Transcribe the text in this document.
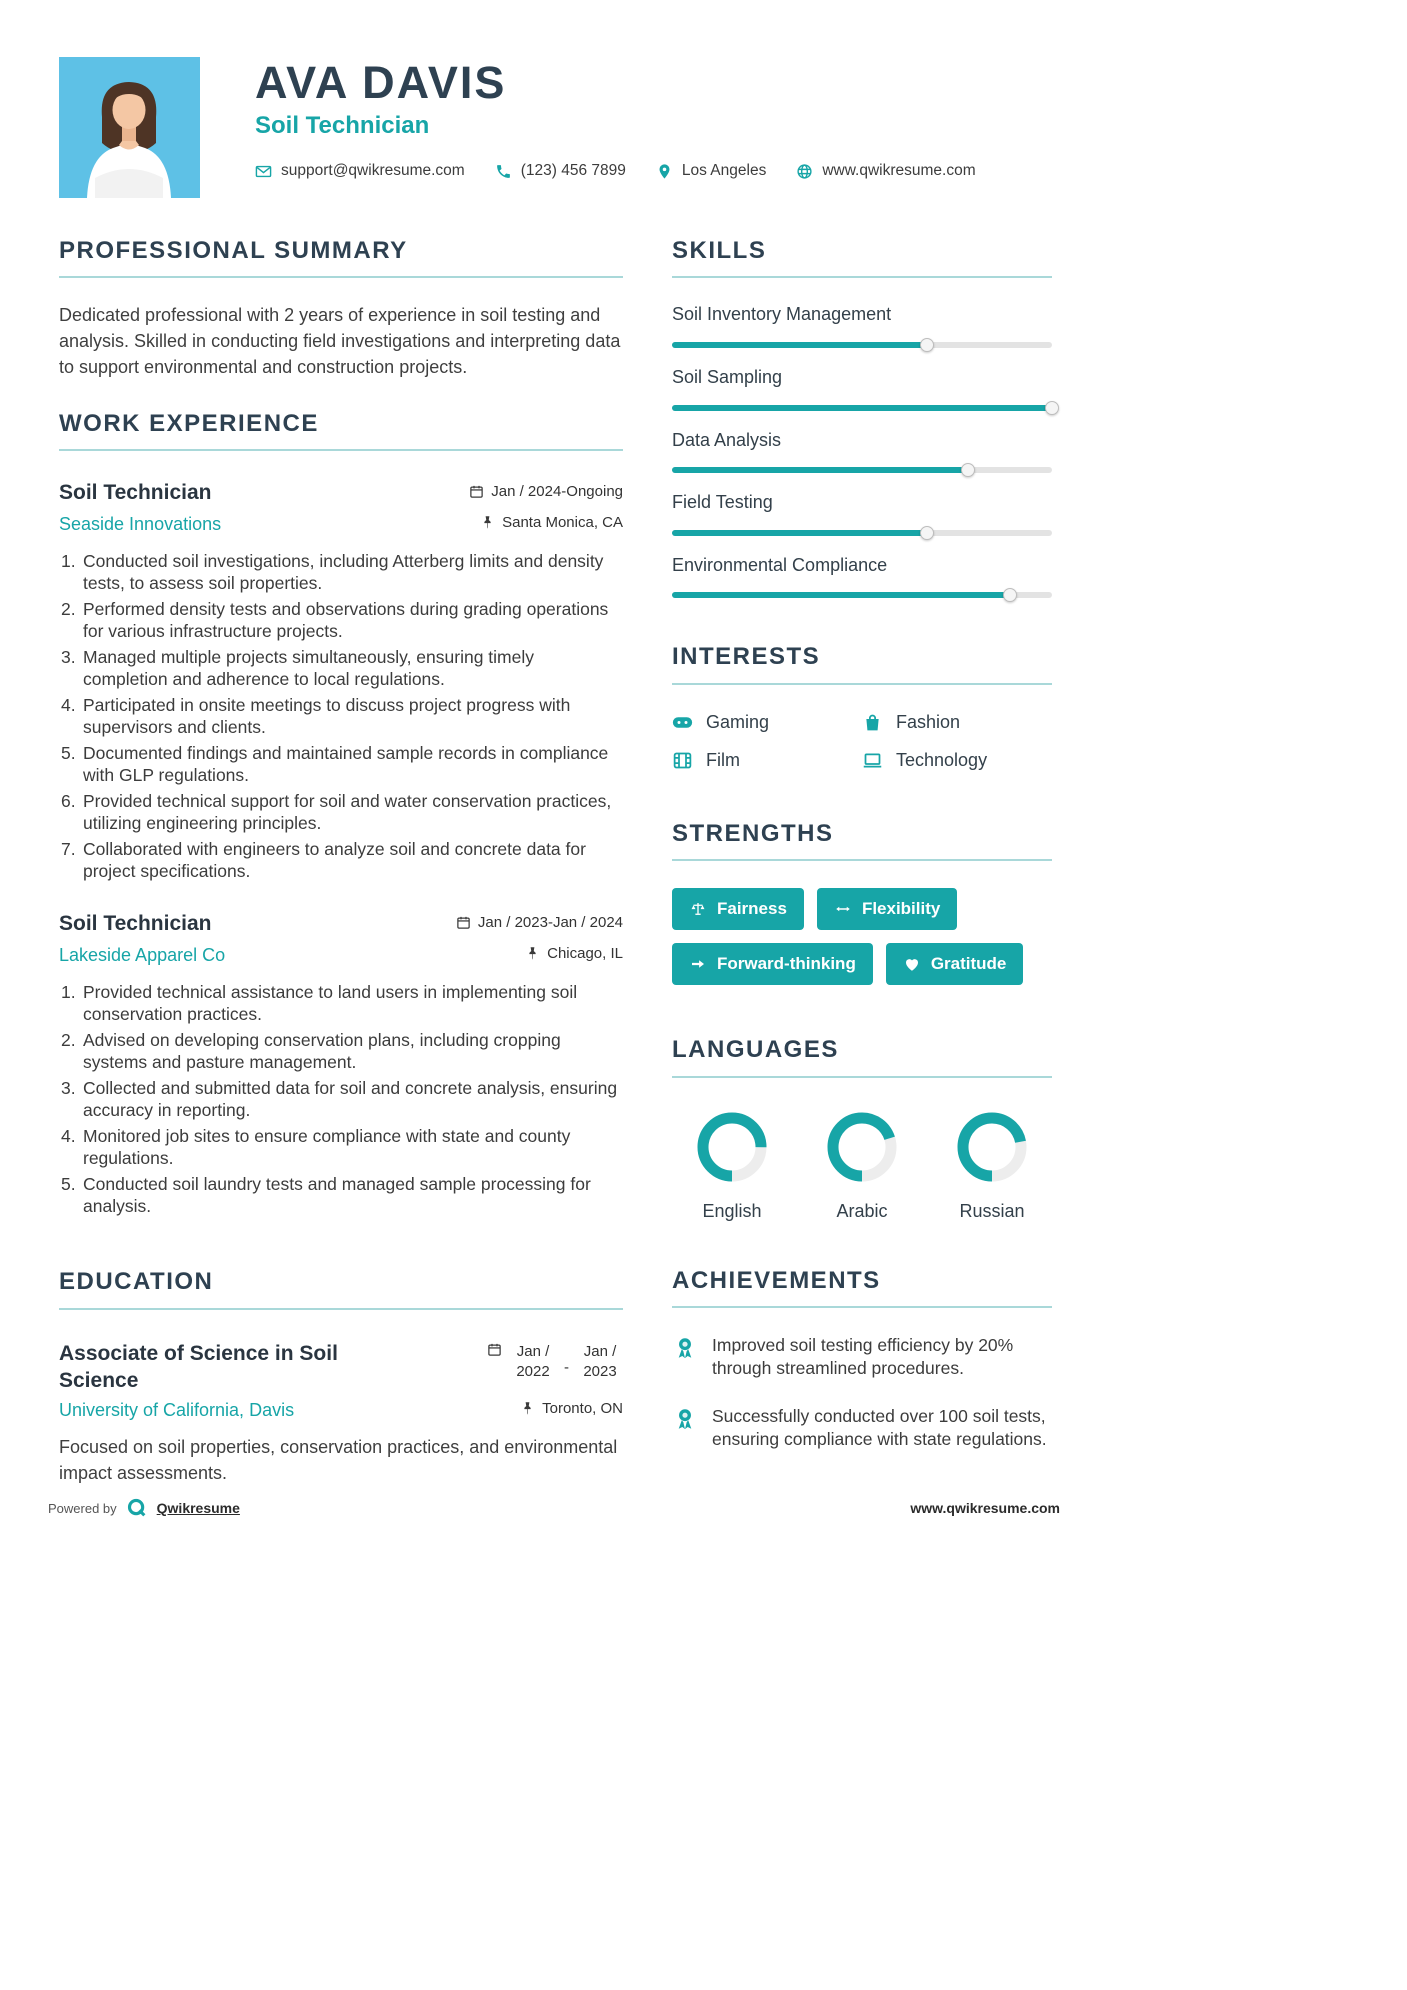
AVA DAVIS
Soil Technician
support@qwikresume.com	(123) 456 7899	Los Angeles	www.qwikresume.com
PROFESSIONAL SUMMARY

Dedicated professional with 2 years of experience in soil testing and analysis. Skilled in conducting field investigations and interpreting data to support environmental and construction projects.

WORK EXPERIENCE
Soil Technician	Jan / 2024-Ongoing
Seaside Innovations	Santa Monica, CA
Conducted soil investigations, including Atterberg limits and density tests, to assess soil properties.
Performed density tests and observations during grading operations for various infrastructure projects.
Managed multiple projects simultaneously, ensuring timely completion and adherence to local regulations.
Participated in onsite meetings to discuss project progress with supervisors and clients.
Documented findings and maintained sample records in compliance with GLP regulations.
Provided technical support for soil and water conservation practices, utilizing engineering principles.
Collaborated with engineers to analyze soil and concrete data for project specifications.
Soil Technician	Jan / 2023-Jan / 2024
Lakeside Apparel Co	Chicago, IL
Provided technical assistance to land users in implementing soil conservation practices.
Advised on developing conservation plans, including cropping systems and pasture management.
Collected and submitted data for soil and concrete analysis, ensuring accuracy in reporting.
Monitored job sites to ensure compliance with state and county regulations.
Conducted soil laundry tests and managed sample processing for analysis.
EDUCATION
Associate of Science in Soil Science
Jan / 2022 -
Jan / 2023
University of California, Davis	Toronto, ON

Focused on soil properties, conservation practices, and environmental impact assessments.

SKILLS
Soil Inventory Management
Soil Sampling
Data Analysis
Field Testing
Environmental Compliance
INTERESTS
Gaming	Fashion
Film	Technology
STRENGTHS
Fairness	Flexibility
Forward-thinking	Gratitude
LANGUAGES
English	Arabic	Russian
ACHIEVEMENTS

Improved soil testing efficiency by 20% through streamlined procedures.

Successfully conducted over 100 soil tests, ensuring compliance with state regulations.

Powered by	Qwikresume	www.qwikresume.com
